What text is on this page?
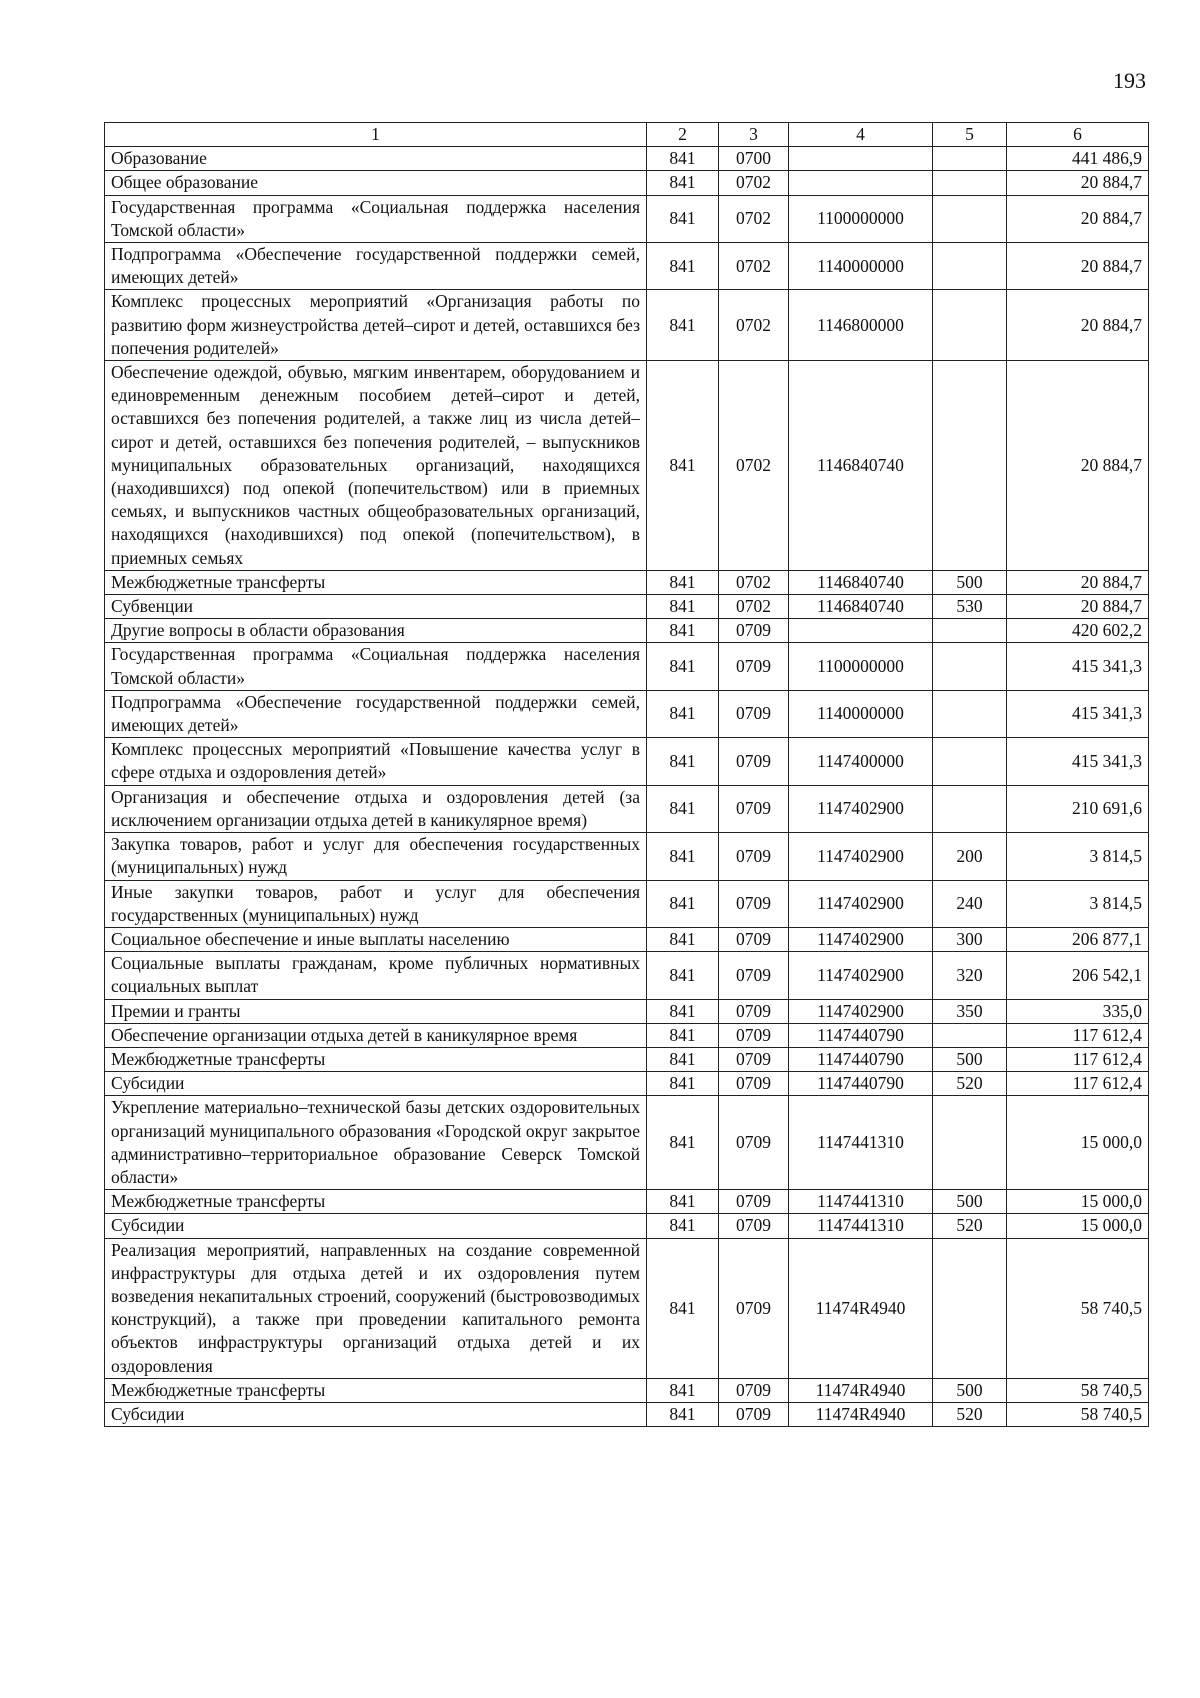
193
1	2	3	4	5	6
Образование	841	0700			441 486,9
Общее образование	841	0702			20 884,7
Государственная программа «Социальная поддержка населения Томской области»	841	0702	1100000000		20 884,7
Подпрограмма «Обеспечение государственной поддержки семей, имеющих детей»	841	0702	1140000000		20 884,7
Комплекс процессных мероприятий «Организация работы по развитию форм жизнеустройства детей–сирот и детей, оставшихся без попечения родителей»	841	0702	1146800000		20 884,7
Обеспечение одеждой, обувью, мягким инвентарем, оборудованием и единовременным денежным пособием детей–сирот и детей, оставшихся без попечения родителей, а также лиц из числа детей–сирот и детей, оставшихся без попечения родителей, – выпускников муниципальных образовательных организаций, находящихся (находившихся) под опекой (попечительством) или в приемных семьях, и выпускников частных общеобразовательных организаций, находящихся (находившихся) под опекой (попечительством), в приемных семьях	841	0702	1146840740		20 884,7
Межбюджетные трансферты	841	0702	1146840740	500	20 884,7
Субвенции	841	0702	1146840740	530	20 884,7
Другие вопросы в области образования	841	0709			420 602,2
Государственная программа «Социальная поддержка населения Томской области»	841	0709	1100000000		415 341,3
Подпрограмма «Обеспечение государственной поддержки семей, имеющих детей»	841	0709	1140000000		415 341,3
Комплекс процессных мероприятий «Повышение качества услуг в сфере отдыха и оздоровления детей»	841	0709	1147400000		415 341,3
Организация и обеспечение отдыха и оздоровления детей (за исключением организации отдыха детей в каникулярное время)	841	0709	1147402900		210 691,6
Закупка товаров, работ и услуг для обеспечения государственных (муниципальных) нужд	841	0709	1147402900	200	3 814,5
Иные закупки товаров, работ и услуг для обеспечения государственных (муниципальных) нужд	841	0709	1147402900	240	3 814,5
Социальное обеспечение и иные выплаты населению	841	0709	1147402900	300	206 877,1
Социальные выплаты гражданам, кроме публичных нормативных социальных выплат	841	0709	1147402900	320	206 542,1
Премии и гранты	841	0709	1147402900	350	335,0
Обеспечение организации отдыха детей в каникулярное время	841	0709	1147440790		117 612,4
Межбюджетные трансферты	841	0709	1147440790	500	117 612,4
Субсидии	841	0709	1147440790	520	117 612,4
Укрепление материально–технической базы детских оздоровительных организаций муниципального образования «Городской округ закрытое административно–территориальное образование Северск Томской области»	841	0709	1147441310		15 000,0
Межбюджетные трансферты	841	0709	1147441310	500	15 000,0
Субсидии	841	0709	1147441310	520	15 000,0
Реализация мероприятий, направленных на создание современной инфраструктуры для отдыха детей и их оздоровления путем возведения некапитальных строений, сооружений (быстровозводимых конструкций), а также при проведении капитального ремонта объектов инфраструктуры организаций отдыха детей и их оздоровления	841	0709	11474R4940		58 740,5
Межбюджетные трансферты	841	0709	11474R4940	500	58 740,5
Субсидии	841	0709	11474R4940	520	58 740,5
